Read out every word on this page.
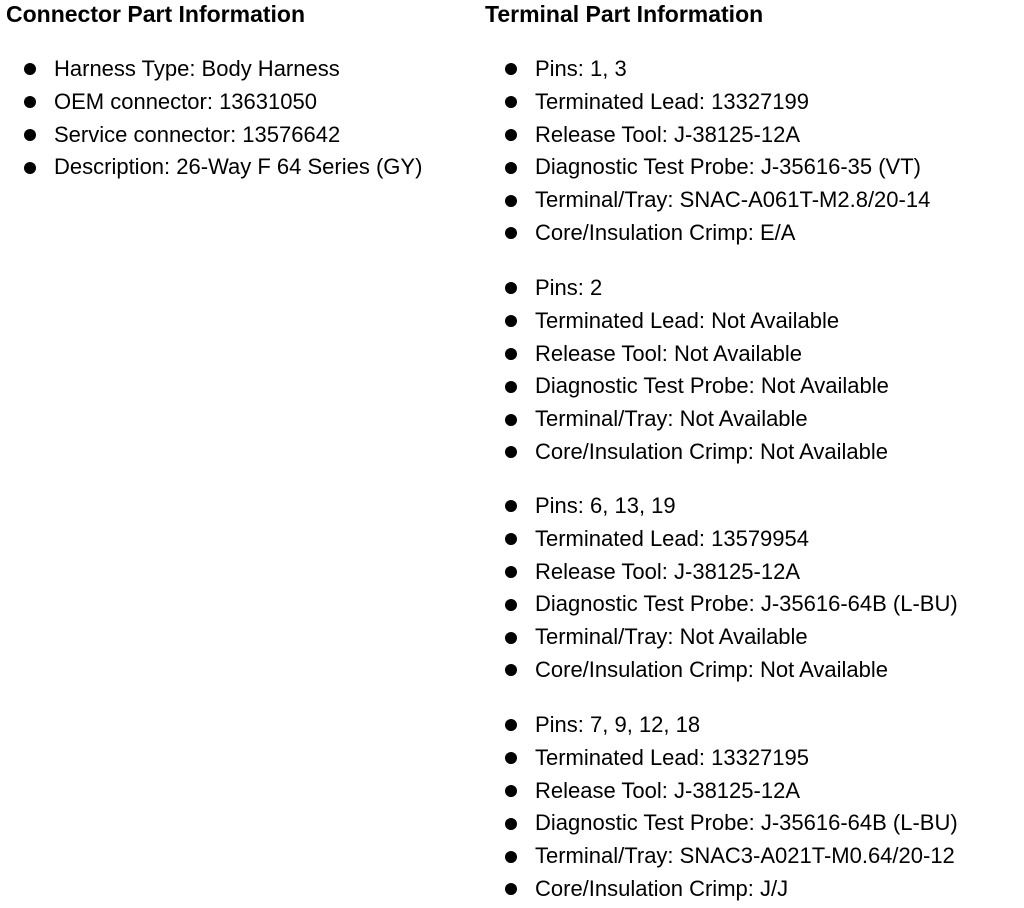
Connector Part Information	Terminal Part Information
Harness Type: Body Harness
OEM connector: 13631050
Service connector: 13576642
Description: 26-Way F 64 Series (GY)
Pins: 1, 3
Terminated Lead: 13327199
Release Tool: J-38125-12A
Diagnostic Test Probe: J-35616-35 (VT)
Terminal/Tray: SNAC-A061T-M2.8/20-14
Core/Insulation Crimp: E/A
Pins: 2
Terminated Lead: Not Available
Release Tool: Not Available
Diagnostic Test Probe: Not Available
Terminal/Tray: Not Available
Core/Insulation Crimp: Not Available
Pins: 6, 13, 19
Terminated Lead: 13579954
Release Tool: J-38125-12A
Diagnostic Test Probe: J-35616-64B (L-BU)
Terminal/Tray: Not Available
Core/Insulation Crimp: Not Available
Pins: 7, 9, 12, 18
Terminated Lead: 13327195
Release Tool: J-38125-12A
Diagnostic Test Probe: J-35616-64B (L-BU)
Terminal/Tray: SNAC3-A021T-M0.64/20-12
Core/Insulation Crimp: J/J
